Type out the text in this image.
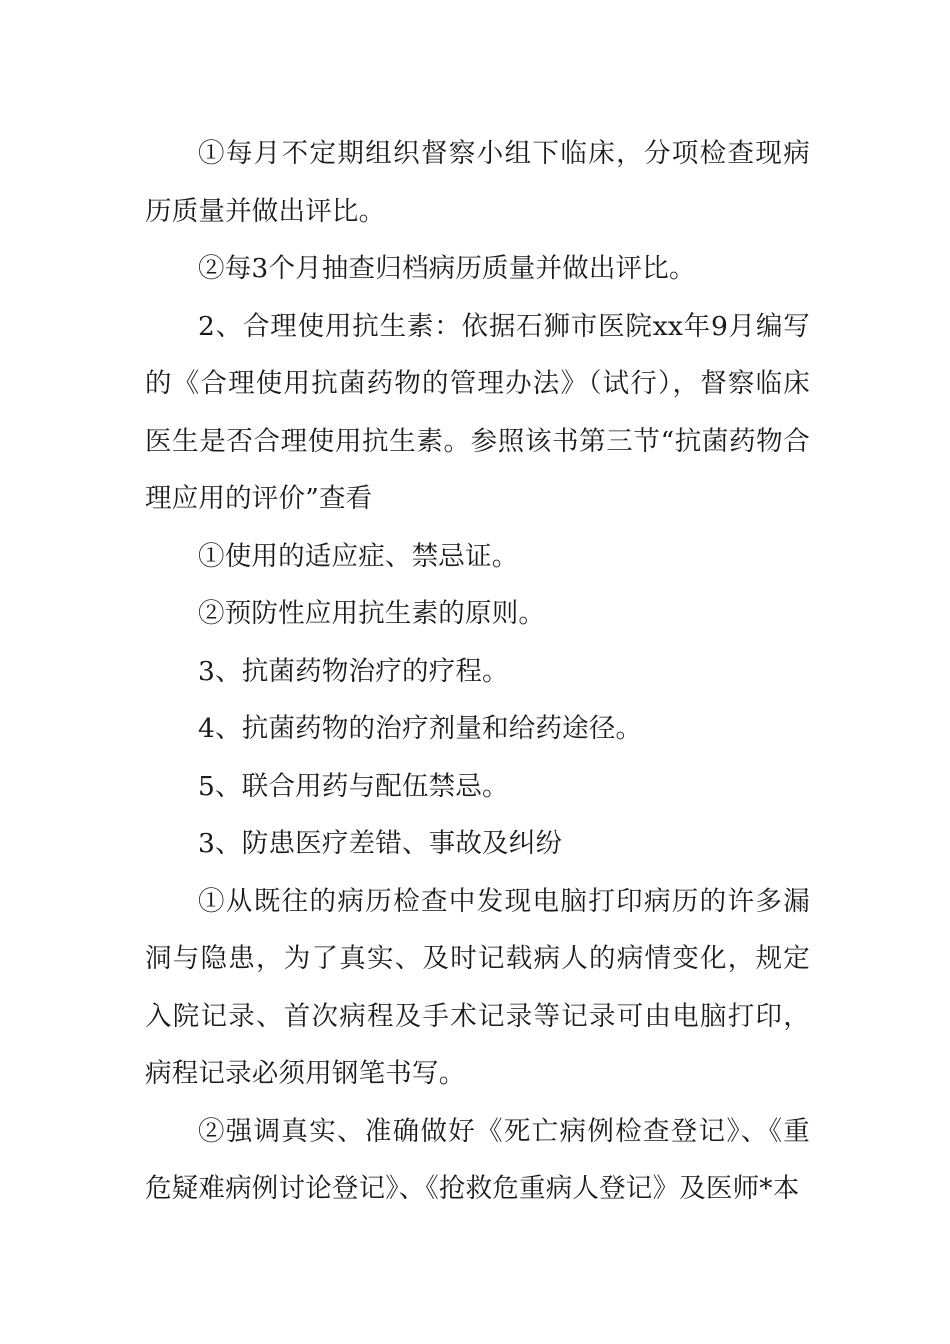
①每月不定期组织督察小组下临床，分项检查现病历质量并做出评比。

②每3个月抽查归档病历质量并做出评比。

2、合理使用抗生素：依据石狮市医院xx年9月编写的《合理使用抗菌药物的管理办法》（试行），督察临床医生是否合理使用抗生素。参照该书第三节“抗菌药物合理应用的评价”查看

①使用的适应症、禁忌证。

②预防性应用抗生素的原则。

3、抗菌药物治疗的疗程。

4、抗菌药物的治疗剂量和给药途径。

5、联合用药与配伍禁忌。

3、防患医疗差错、事故及纠纷

①从既往的病历检查中发现电脑打印病历的许多漏洞与隐患，为了真实、及时记载病人的病情变化，规定入院记录、首次病程及手术记录等记录可由电脑打印，病程记录必须用钢笔书写。

②强调真实、准确做好《死亡病例检查登记》、《重危疑难病例讨论登记》、《抢救危重病人登记》及医师*本
